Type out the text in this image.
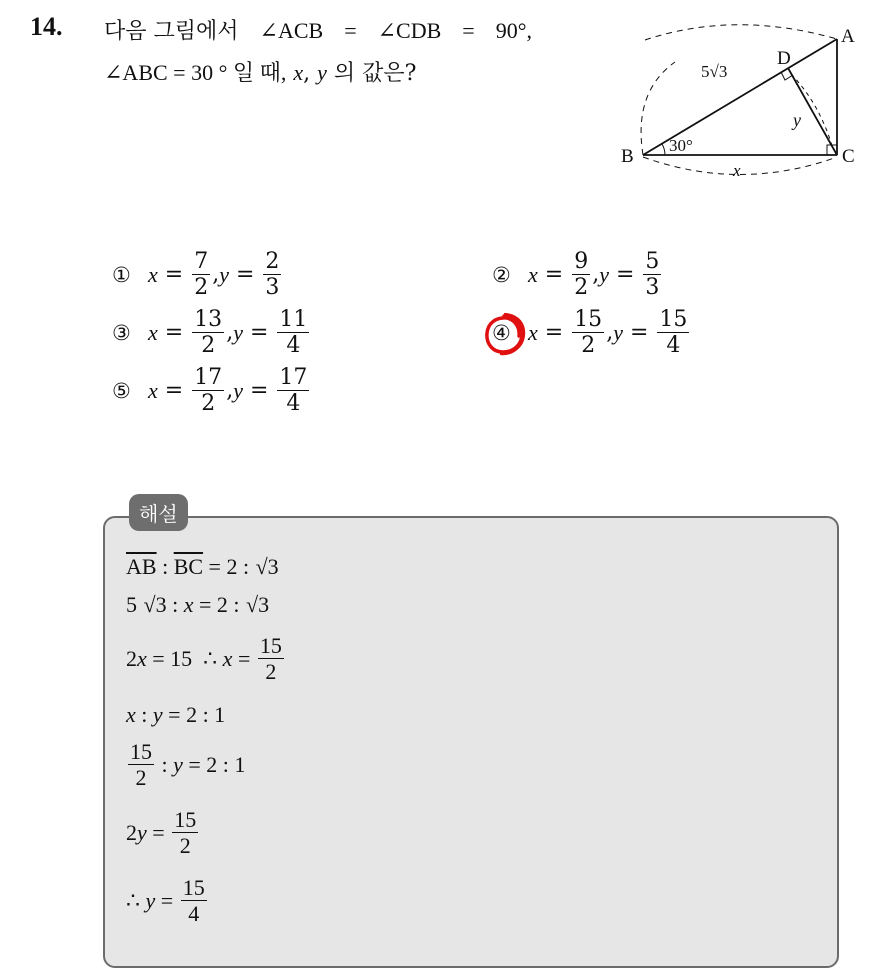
14. 다음 그림에서 ∠ACB = ∠CDB = 90°,
∠ABC = 30 ° 일 때, x, y 의 값은?
A
B	C
D
5√3
x
y
30°
① $x = \frac{7}{2}$ , $y = \frac{2}{3}$	② $x = \frac{9}{2}$ , $y = \frac{5}{3}$
③ $x = \frac{13}{2}$ , $y = \frac{11}{4}$	④ $x = \frac{15}{2}$ , $y = \frac{15}{4}$
⑤ $x = \frac{17}{2}$ , $y = \frac{17}{4}$
해설
$\overline{AB}$ : $\overline{BC} = 2$ : √3
5 √3 : x = 2 : √3
2 x = 15  ∴ $x = \frac{15}{2}$
x : y = 2 : 1
$\frac{15}{2}$ : y = 2 : 1
2 $y = \frac{15}{2}$
∴ $y = \frac{15}{4}$
